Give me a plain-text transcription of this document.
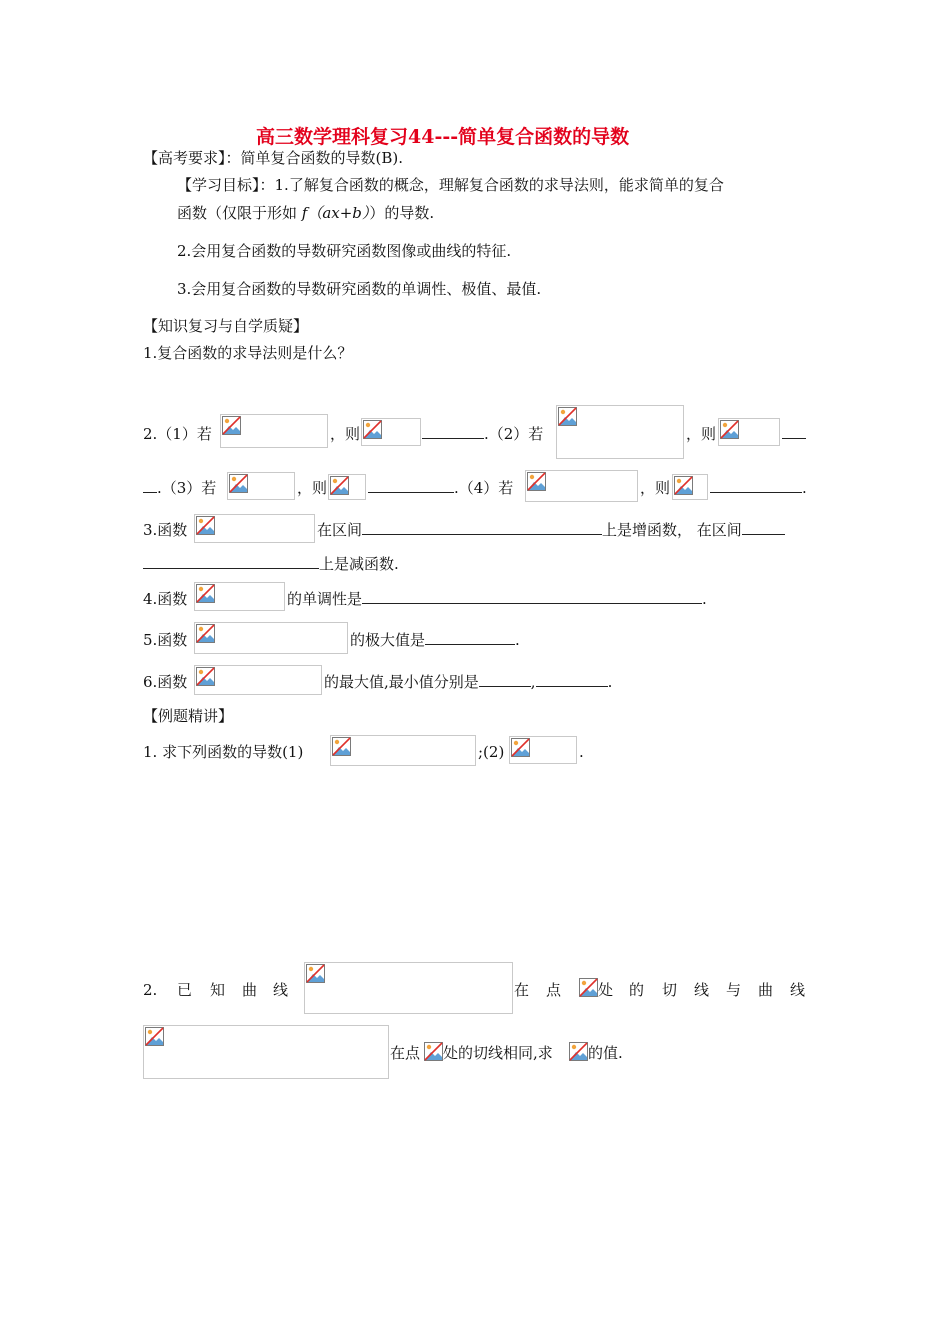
高三数学理科复习44---简单复合函数的导数
【高考要求】：简单复合函数的导数(B).
【学习目标】：1.了解复合函数的概念，理解复合函数的求导法则，能求简单的复合
函数（仅限于形如 f（ax+b））的导数.
2.会用复合函数的导数研究函数图像或曲线的特征.
3.会用复合函数的导数研究函数的单调性、极值、最值.
【知识复习与自学质疑】
1.复合函数的求导法则是什么？
2.（1）若	，则	.（2）若	，则
.（3）若	，则	.（4）若	，则	.
3.函数	在区间	上是增函数， 在区间
上是减函数.
4.函数	的单调性是	.
5.函数	的极大值是	.
6.函数	的最大值,最小值分别是	,	.
【例题精讲】
1. 求下列函数的导数(1)	;(2)	.
2. 已 知 曲 线	在 点 处 的 切 线 与 曲 线
在点 处的切线相同,求 的值.
